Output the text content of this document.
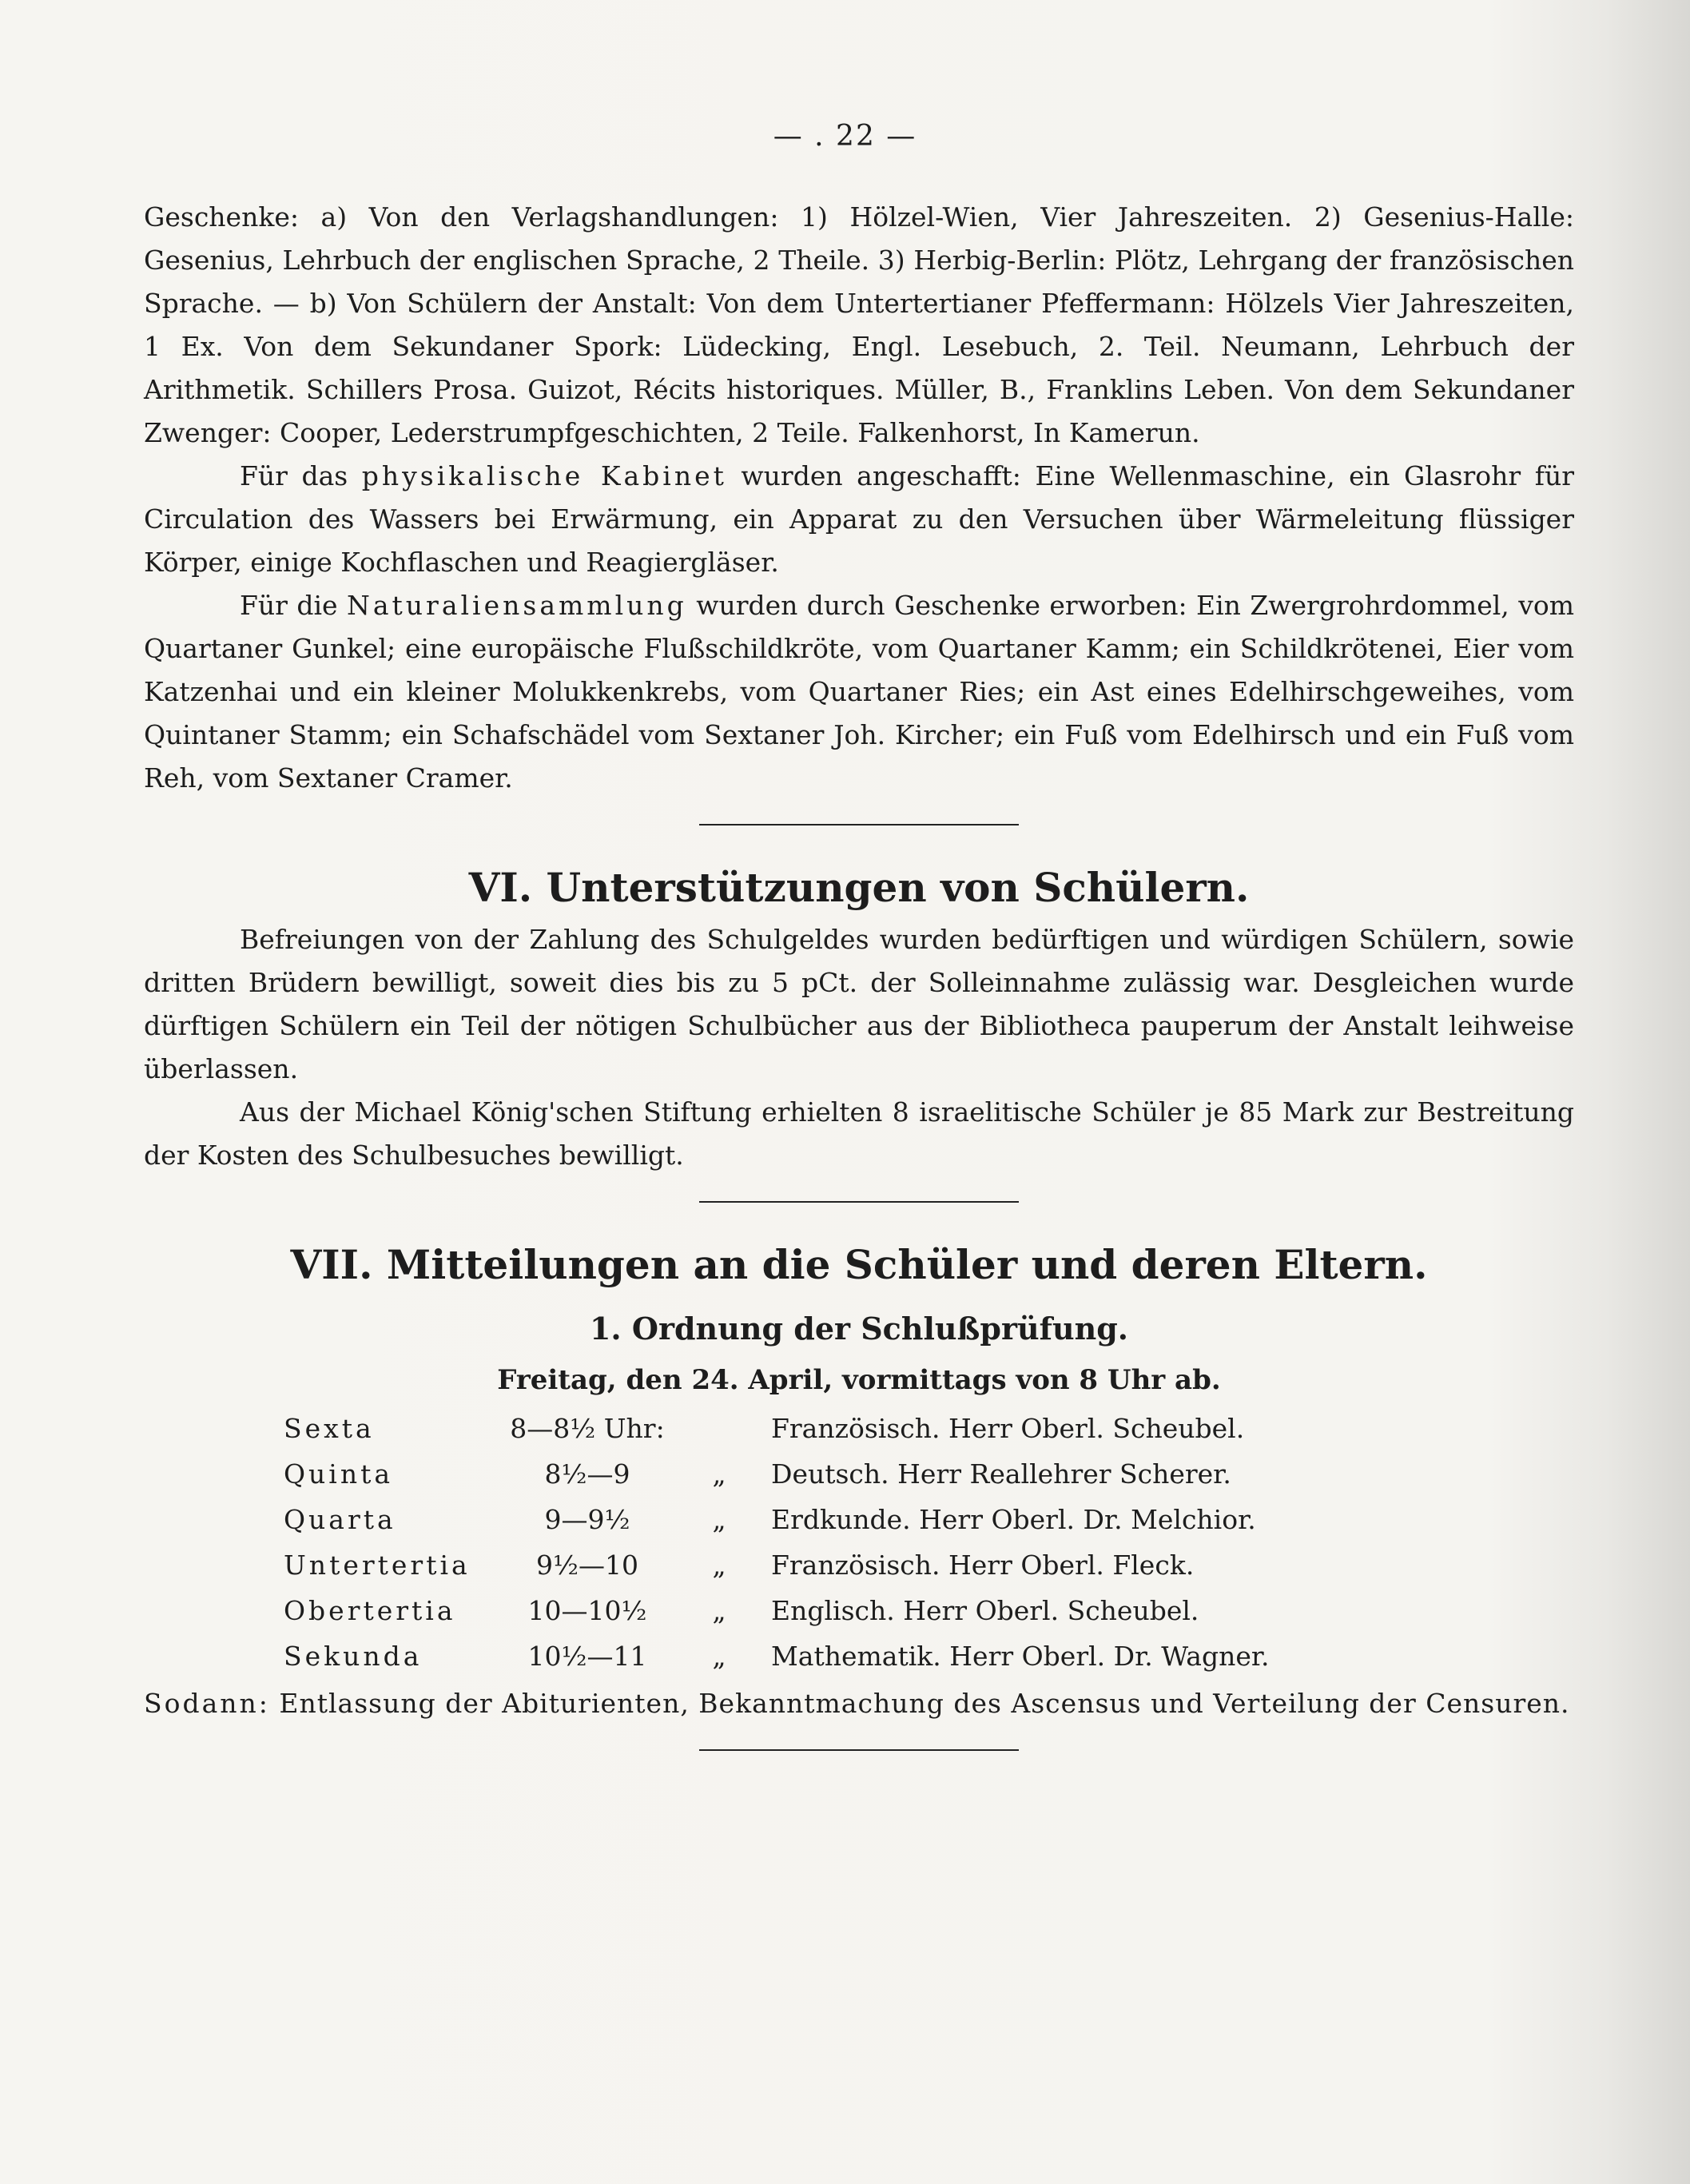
— . 22 —

Geschenke: a) Von den Verlagshandlungen: 1) Hölzel-Wien, Vier Jahreszeiten. 2) Gesenius-Halle: Gesenius, Lehrbuch der englischen Sprache, 2 Theile. 3) Herbig-Berlin: Plötz, Lehrgang der französischen Sprache. — b) Von Schülern der Anstalt: Von dem Untertertianer Pfeffermann: Hölzels Vier Jahreszeiten, 1 Ex. Von dem Sekundaner Spork: Lüdecking, Engl. Lesebuch, 2. Teil. Neumann, Lehrbuch der Arithmetik. Schillers Prosa. Guizot, Récits historiques. Müller, B., Franklins Leben. Von dem Sekundaner Zwenger: Cooper, Lederstrumpfgeschichten, 2 Teile. Falkenhorst, In Kamerun.

Für das physikalische Kabinet wurden angeschafft: Eine Wellenmaschine, ein Glasrohr für Circulation des Wassers bei Erwärmung, ein Apparat zu den Versuchen über Wärmeleitung flüssiger Körper, einige Kochflaschen und Reagiergläser.

Für die Naturaliensammlung wurden durch Geschenke erworben: Ein Zwergrohrdommel, vom Quartaner Gunkel; eine europäische Flußschildkröte, vom Quartaner Kamm; ein Schildkrötenei, Eier vom Katzenhai und ein kleiner Molukkenkrebs, vom Quartaner Ries; ein Ast eines Edelhirschgeweihes, vom Quintaner Stamm; ein Schafschädel vom Sextaner Joh. Kircher; ein Fuß vom Edelhirsch und ein Fuß vom Reh, vom Sextaner Cramer.

VI. Unterstützungen von Schülern.

Befreiungen von der Zahlung des Schulgeldes wurden bedürftigen und würdigen Schülern, sowie dritten Brüdern bewilligt, soweit dies bis zu 5 pCt. der Solleinnahme zulässig war. Desgleichen wurde dürftigen Schülern ein Teil der nötigen Schulbücher aus der Bibliotheca pauperum der Anstalt leihweise überlassen.

Aus der Michael König'schen Stiftung erhielten 8 israelitische Schüler je 85 Mark zur Bestreitung der Kosten des Schulbesuches bewilligt.

VII. Mitteilungen an die Schüler und deren Eltern.
1. Ordnung der Schlußprüfung.
Freitag, den 24. April, vormittags von 8 Uhr ab.
Sexta	8—8½ Uhr:		Französisch. Herr Oberl. Scheubel.
Quinta	8½—9	„	Deutsch. Herr Reallehrer Scherer.
Quarta	9—9½	„	Erdkunde. Herr Oberl. Dr. Melchior.
Untertertia	9½—10	„	Französisch. Herr Oberl. Fleck.
Obertertia	10—10½	„	Englisch. Herr Oberl. Scheubel.
Sekunda	10½—11	„	Mathematik. Herr Oberl. Dr. Wagner.
Sodann: Entlassung der Abiturienten, Bekanntmachung des Ascensus und Verteilung der Censuren.
